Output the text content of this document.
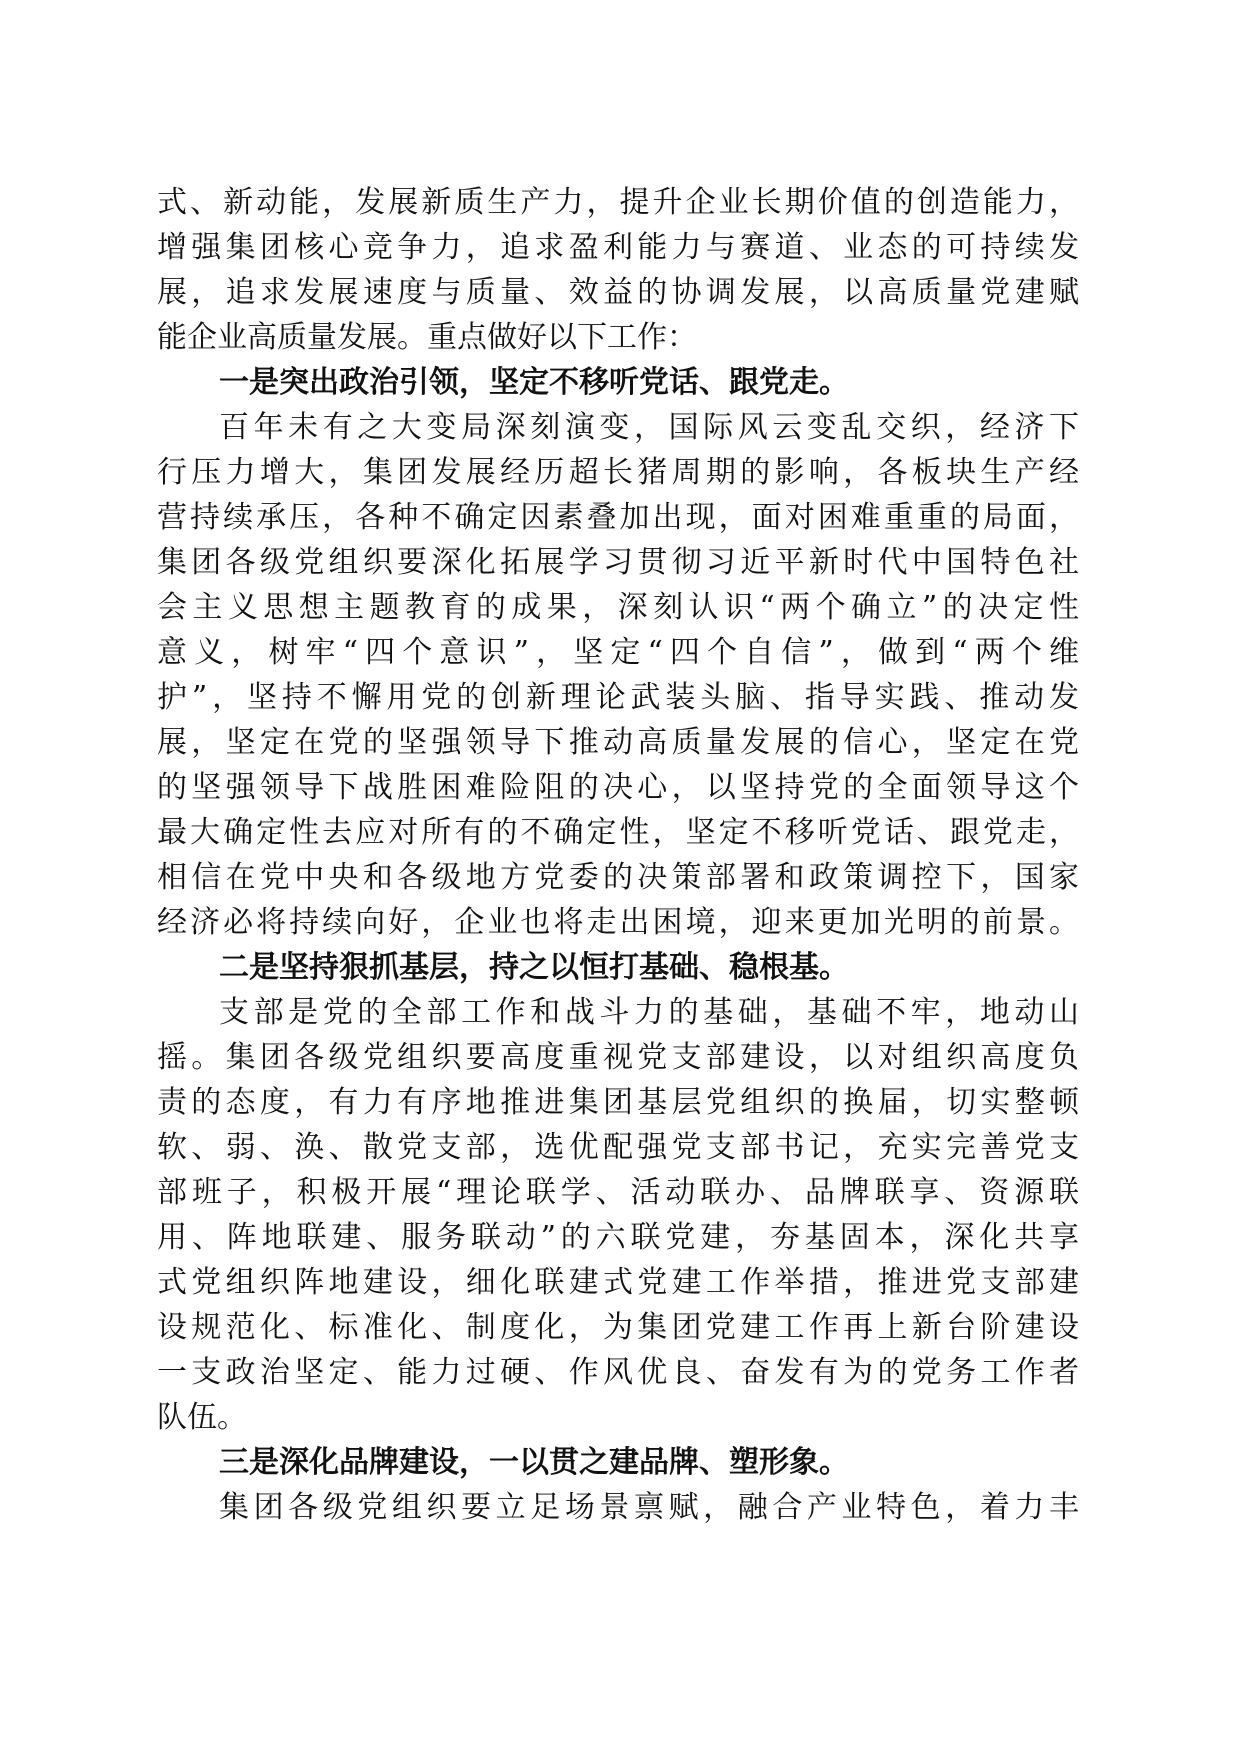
式、新动能，发展新质生产力，提升企业长期价值的创造能力，
增强集团核心竞争力，追求盈利能力与赛道、业态的可持续发
展，追求发展速度与质量、效益的协调发展，以高质量党建赋
能企业高质量发展。重点做好以下工作：
一是突出政治引领，坚定不移听党话、跟党走。
百年未有之大变局深刻演变，国际风云变乱交织，经济下
行压力增大，集团发展经历超长猪周期的影响，各板块生产经
营持续承压，各种不确定因素叠加出现，面对困难重重的局面，
集团各级党组织要深化拓展学习贯彻习近平新时代中国特色社
会主义思想主题教育的成果，深刻认识“两个确立”的决定性
意义，树牢“四个意识”，坚定“四个自信”，做到“两个维
护”，坚持不懈用党的创新理论武装头脑、指导实践、推动发
展，坚定在党的坚强领导下推动高质量发展的信心，坚定在党
的坚强领导下战胜困难险阻的决心，以坚持党的全面领导这个
最大确定性去应对所有的不确定性，坚定不移听党话、跟党走，
相信在党中央和各级地方党委的决策部署和政策调控下，国家
经济必将持续向好，企业也将走出困境，迎来更加光明的前景。
二是坚持狠抓基层，持之以恒打基础、稳根基。
支部是党的全部工作和战斗力的基础，基础不牢，地动山
摇。集团各级党组织要高度重视党支部建设，以对组织高度负
责的态度，有力有序地推进集团基层党组织的换届，切实整顿
软、弱、涣、散党支部，选优配强党支部书记，充实完善党支
部班子，积极开展“理论联学、活动联办、品牌联享、资源联
用、阵地联建、服务联动”的六联党建，夯基固本，深化共享
式党组织阵地建设，细化联建式党建工作举措，推进党支部建
设规范化、标准化、制度化，为集团党建工作再上新台阶建设
一支政治坚定、能力过硬、作风优良、奋发有为的党务工作者
队伍。
三是深化品牌建设，一以贯之建品牌、塑形象。
集团各级党组织要立足场景禀赋，融合产业特色，着力丰
